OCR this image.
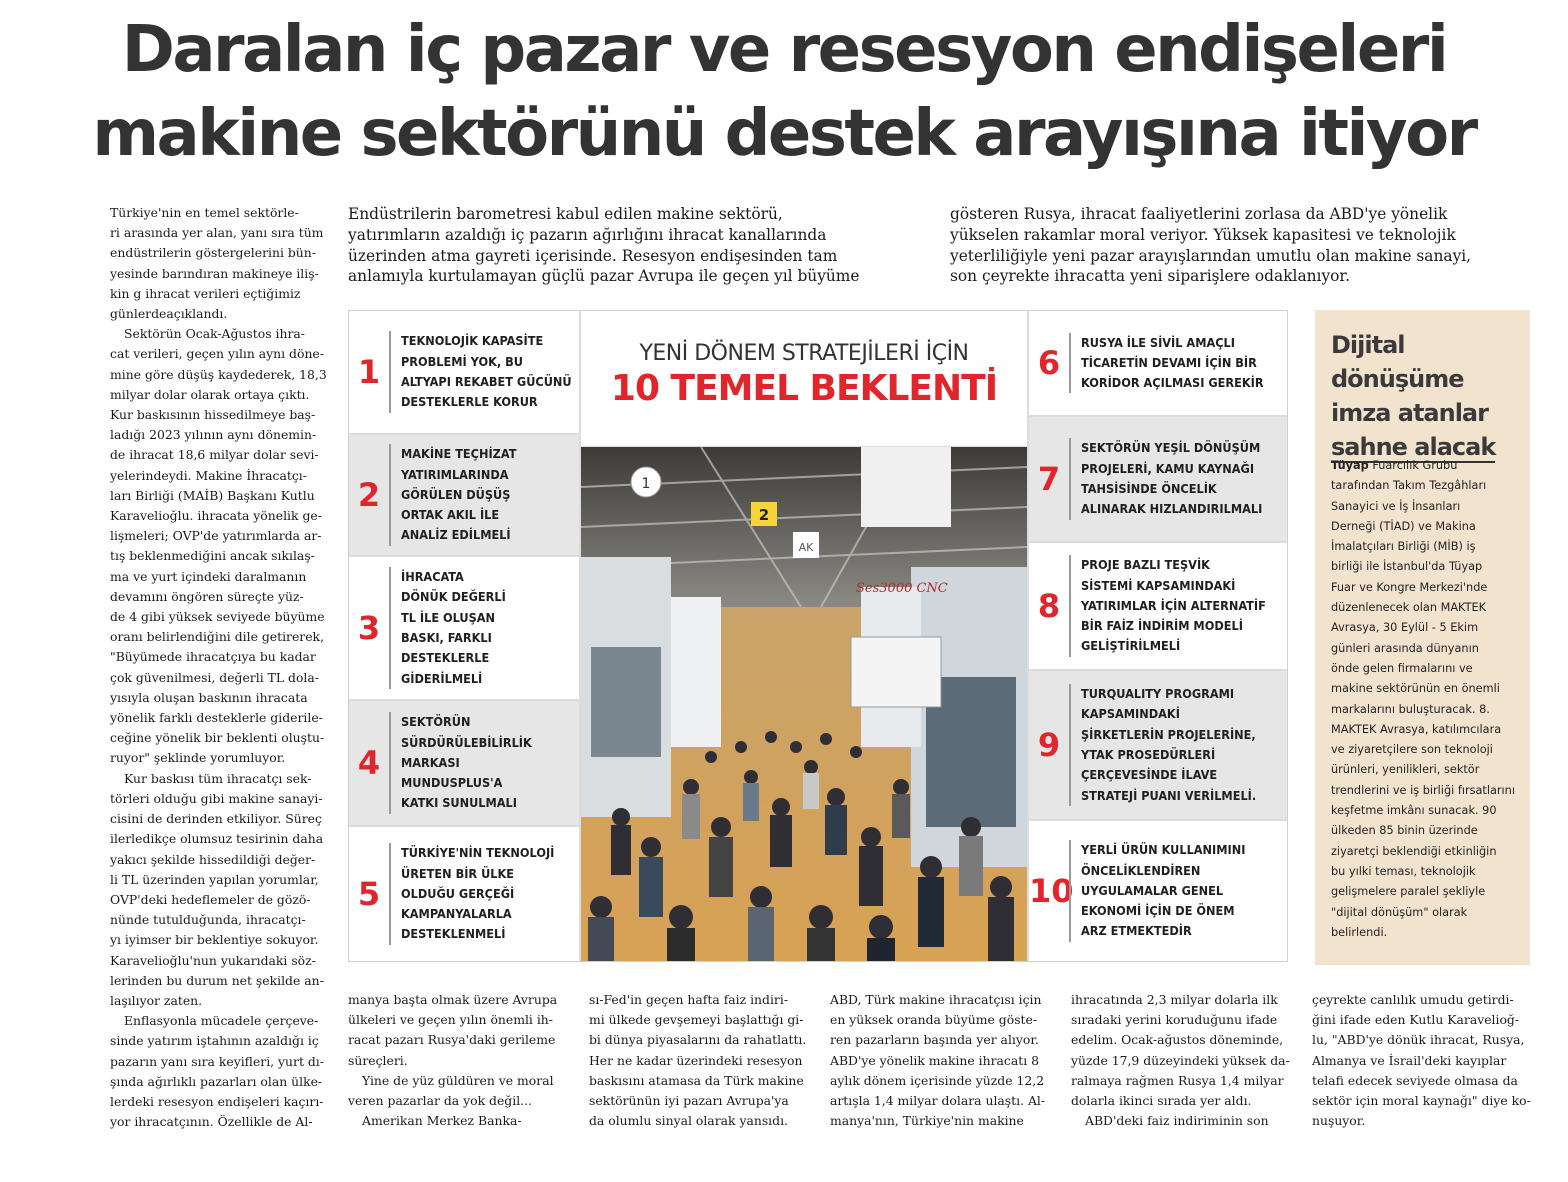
Daralan iç pazar ve resesyon endişeleri
makine sektörünü destek arayışına itiyor

Türkiye'nin en temel sektörle-
ri arasında yer alan, yanı sıra tüm
endüstrilerin göstergelerini bün-
yesinde barındıran makineye iliş-
kin g ihracat verileri eçtiğimiz
günlerdeaçıklandı.

Sektörün Ocak-Ağustos ihra-
cat verileri, geçen yılın aynı döne-
mine göre düşüş kaydederek, 18,3
milyar dolar olarak ortaya çıktı.
Kur baskısının hissedilmeye baş-
ladığı 2023 yılının aynı dönemin-
de ihracat 18,6 milyar dolar sevi-
yelerindeydi. Makine İhracatçı-
ları Birliği (MAİB) Başkanı Kutlu
Karavelioğlu. ihracata yönelik ge-
lişmeleri; OVP'de yatırımlarda ar-
tış beklenmediğini ancak sıkılaş-
ma ve yurt içindeki daralmanın
devamını öngören süreçte yüz-
de 4 gibi yüksek seviyede büyüme
oranı belirlendiğini dile getirerek,
"Büyümede ihracatçıya bu kadar
çok güvenilmesi, değerli TL dola-
yısıyla oluşan baskının ihracata
yönelik farklı desteklerle giderile-
ceğine yönelik bir beklenti oluştu-
ruyor" şeklinde yorumluyor.

Kur baskısı tüm ihracatçı sek-
törleri olduğu gibi makine sanayi-
cisini de derinden etkiliyor. Süreç
ilerledikçe olumsuz tesirinin daha
yakıcı şekilde hissedildiği değer-
li TL üzerinden yapılan yorumlar,
OVP'deki hedeflemeler de gözö-
nünde tutulduğunda, ihracatçı-
yı iyimser bir beklentiye sokuyor.
Karavelioğlu'nun yukarıdaki söz-
lerinden bu durum net şekilde an-
laşılıyor zaten.

Enflasyonla mücadele çerçeve-
sinde yatırım iştahının azaldığı iç
pazarın yanı sıra keyifleri, yurt dı-
şında ağırlıklı pazarları olan ülke-
lerdeki resesyon endişeleri kaçırı-
yor ihracatçının. Özellikle de Al-

Endüstrilerin barometresi kabul edilen makine sektörü,
yatırımların azaldığı iç pazarın ağırlığını ihracat kanallarında
üzerinden atma gayreti içerisinde. Resesyon endişesinden tam
anlamıyla kurtulamayan güçlü pazar Avrupa ile geçen yıl büyüme
gösteren Rusya, ihracat faaliyetlerini zorlasa da ABD'ye yönelik
yükselen rakamlar moral veriyor. Yüksek kapasitesi ve teknolojik
yeterliliğiyle yeni pazar arayışlarından umutlu olan makine sanayi,
son çeyrekte ihracatta yeni siparişlere odaklanıyor.
1
TEKNOLOJİK KAPASİTE
PROBLEMİ YOK, BU
ALTYAPI REKABET GÜCÜNÜ
DESTEKLERLE KORUR
2
MAKİNE TEÇHİZAT
YATIRIMLARINDA
GÖRÜLEN DÜŞÜŞ
ORTAK AKIL İLE
ANALİZ EDİLMELİ
3
İHRACATA
DÖNÜK DEĞERLİ
TL İLE OLUŞAN
BASKI, FARKLI
DESTEKLERLE
GİDERİLMELİ
4
SEKTÖRÜN
SÜRDÜRÜLEBİLİRLİK
MARKASI
MUNDUSPLUS'A
KATKI SUNULMALI
5
TÜRKİYE'NİN TEKNOLOJİ
ÜRETEN BİR ÜLKE
OLDUĞU GERÇEĞİ
KAMPANYALARLA
DESTEKLENMELİ
YENİ DÖNEM STRATEJİLERİ İÇİN
10 TEMEL BEKLENTİ
1
2
AK
Ses3000 CNC
6
RUSYA İLE SİVİL AMAÇLI
TİCARETİN DEVAMI İÇİN BİR
KORİDOR AÇILMASI GEREKİR
7
SEKTÖRÜN YEŞİL DÖNÜŞÜM
PROJELERİ, KAMU KAYNAĞI
TAHSİSİNDE ÖNCELİK
ALINARAK HIZLANDIRILMALI
8
PROJE BAZLI TEŞVİK
SİSTEMİ KAPSAMINDAKİ
YATIRIMLAR İÇİN ALTERNATİF
BİR FAİZ İNDİRİM MODELİ
GELİŞTİRİLMELİ
9
TURQUALITY PROGRAMI
KAPSAMINDAKİ
ŞİRKETLERİN PROJELERİNE,
YTAK PROSEDÜRLERİ
ÇERÇEVESİNDE İLAVE
STRATEJİ PUANI VERİLMELİ.
10
YERLİ ÜRÜN KULLANIMINI
ÖNCELİKLENDİREN
UYGULAMALAR GENEL
EKONOMİ İÇİN DE ÖNEM
ARZ ETMEKTEDİR
Dijital dönüşüme
imza atanlar
sahne alacak
Tüyap Fuarcılık Grubu
tarafından Takım Tezgâhları
Sanayici ve İş İnsanları
Derneği (TİAD) ve Makina
İmalatçıları Birliği (MİB) iş
birliği ile İstanbul'da Tüyap
Fuar ve Kongre Merkezi'nde
düzenlenecek olan MAKTEK
Avrasya, 30 Eylül - 5 Ekim
günleri arasında dünyanın
önde gelen firmalarını ve
makine sektörünün en önemli
markalarını buluşturacak. 8.
MAKTEK Avrasya, katılımcılara
ve ziyaretçilere son teknoloji
ürünleri, yenilikleri, sektör
trendlerini ve iş birliği fırsatlarını
keşfetme imkânı sunacak. 90
ülkeden 85 binin üzerinde
ziyaretçi beklendiği etkinliğin
bu yılki teması, teknolojik
gelişmelere paralel şekliyle
"dijital dönüşüm" olarak
belirlendi.

manya başta olmak üzere Avrupa
ülkeleri ve geçen yılın önemli ih-
racat pazarı Rusya'daki gerileme
süreçleri.

Yine de yüz güldüren ve moral
veren pazarlar da yok değil...

Amerikan Merkez Banka-

sı-Fed'in geçen hafta faiz indiri-
mi ülkede gevşemeyi başlattığı gi-
bi dünya piyasalarını da rahatlattı.
Her ne kadar üzerindeki resesyon
baskısını atamasa da Türk makine
sektörünün iyi pazarı Avrupa'ya
da olumlu sinyal olarak yansıdı.

ABD, Türk makine ihracatçısı için
en yüksek oranda büyüme göste-
ren pazarların başında yer alıyor.
ABD'ye yönelik makine ihracatı 8
aylık dönem içerisinde yüzde 12,2
artışla 1,4 milyar dolara ulaştı. Al-
manya'nın, Türkiye'nin makine

ihracatında 2,3 milyar dolarla ilk
sıradaki yerini koruduğunu ifade
edelim. Ocak-ağustos döneminde,
yüzde 17,9 düzeyindeki yüksek da-
ralmaya rağmen Rusya 1,4 milyar
dolarla ikinci sırada yer aldı.

ABD'deki faiz indiriminin son

çeyrekte canlılık umudu getirdi-
ğini ifade eden Kutlu Karavelioğ-
lu, "ABD'ye dönük ihracat, Rusya,
Almanya ve İsrail'deki kayıplar
telafi edecek seviyede olmasa da
sektör için moral kaynağı" diye ko-
nuşuyor.
